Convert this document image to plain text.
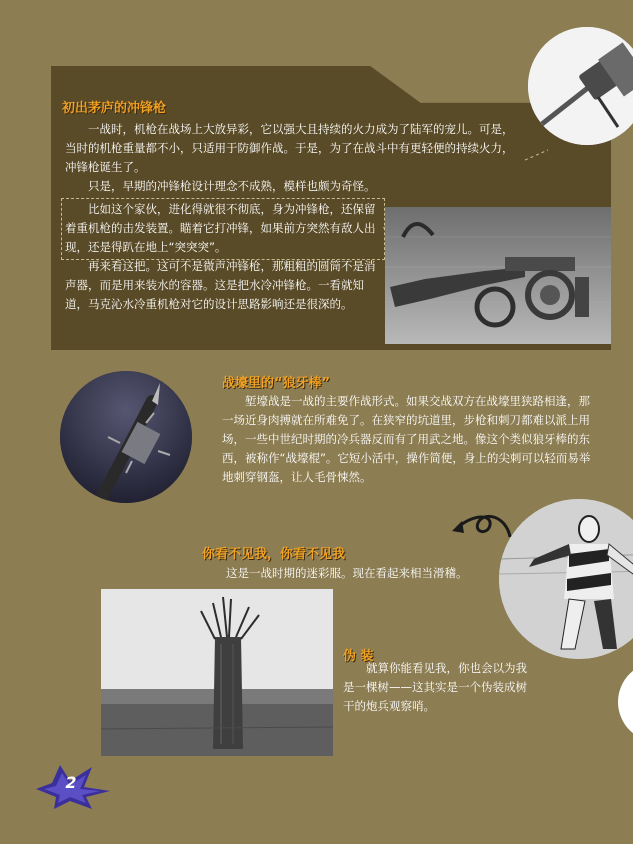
初出茅庐的冲锋枪

一战时，机枪在战场上大放异彩，它以强大且持续的火力成为了陆军的宠儿。可是，当时的机枪重量都不小，只适用于防御作战。于是，为了在战斗中有更轻便的持续火力，冲锋枪诞生了。

只是，早期的冲锋枪设计理念不成熟，模样也颇为奇怪。

比如这个家伙，进化得就很不彻底，身为冲锋枪，还保留着重机枪的击发装置。瞄着它打冲锋，如果前方突然有敌人出现，还是得趴在地上“突突突”。

再来看这把。这可不是微声冲锋枪，那粗粗的圆筒不是消声器，而是用来装水的容器。这是把水冷冲锋枪。一看就知道，马克沁水冷重机枪对它的设计思路影响还是很深的。

战壕里的“狼牙棒”

堑壕战是一战的主要作战形式。如果交战双方在战壕里狭路相逢，那一场近身肉搏就在所难免了。在狭窄的坑道里，步枪和刺刀都难以派上用场，一些中世纪时期的冷兵器反而有了用武之地。像这个类似狼牙棒的东西，被称作“战壕棍”。它短小活中，操作简便，身上的尖刺可以轻而易举地刺穿钢盔，让人毛骨悚然。

你看不见我，你看不见我

这是一战时期的迷彩服。现在看起来相当滑稽。

伪 装

就算你能看见我，你也会以为我是一棵树——这其实是一个伪装成树干的炮兵观察哨。

2
